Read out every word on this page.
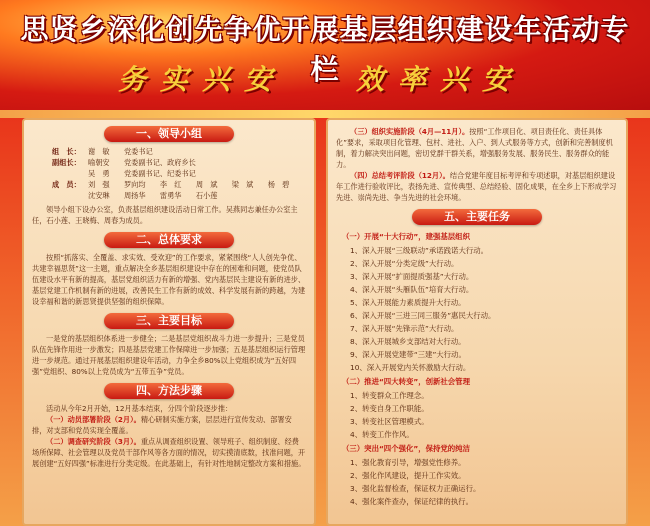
思贤乡深化创先争优开展基层组织建设年活动专栏
务实兴安 效率兴安
一、领导小组
组　长：	谢　敏　　党委书记
副组长：	喻朝安　　党委副书记、政府乡长
吴　勇　　党委副书记、纪委书记
成　员：	刘　强　　罗向均　　李　红　　周　斌　　梁　斌　　杨　碧
沈安琳　　周扬华　　雷勇华　　石小莲

领导小组下设办公室，负责基层组织建设活动日常工作。吴燕同志兼任办公室主任，石小莲、王晓梅、周春为成员。

二、总体要求

按照“抓落实、全覆盖、求实效、受欢迎”的工作要求，紧紧围绕“人人创先争优、共建幸福思贤”这一主题，重点解决全乡基层组织建设中存在的困难和问题，使党员队伍建设水平有新的提高，基层党组织活力有新的增强、党内基层民主建设有新的进步、基层党建工作机制有新的进展，改善民生工作有新的成效、科学发展有新的跨越，为建设幸福和谐的新思贤提供坚强的组织保障。

三、主要目标

一是党的基层组织体系进一步健全；二是基层党组织战斗力进一步提升；三是党员队伍先锋作用进一步激发；四是基层党建工作保障进一步加强；五是基层组织运行管理进一步规范。通过开展基层组织建设年活动，力争全乡80%以上党组织成为“五好四强”党组织、80%以上党员成为“五带五争”党员。

四、方法步骤

活动从今年2月开始，12月基本结束，分四个阶段逐步推：

（一）动员部署阶段（2月）。精心研制实施方案，层层进行宣传发动、部署安排，对支部和党员实现全覆盖。

（二）调查研究阶段（3月）。重点从调查组织设置、领导班子、组织制度、经费场所保障、社会管理以及党员干部作风等各方面的情况，切实摸清底数，找准问题，开展创建“五好四强”标准进行分类定级。在此基础上，有针对性地制定整改方案和措施。

（三）组织实施阶段（4月—11月）。按照“工作项目化、项目责任化、责任具体化”要求，采取项目化管理、包村、进社、入户、到人式服务等方式，创新和完善制度机制，着力解决突出问题，密切党群干群关系，增强服务发展、服务民生、服务群众的能力。

（四）总结考评阶段（12月）。结合党建年度目标考评和专项述职，对基层组织建设年工作进行验收评比，表扬先进、宣传典型、总结经验、固化成果，在全乡上下形成学习先进、崇尚先进、争当先进的社会环境。

五、主要任务
（一）开展“十大行动”，建强基层组织
1、深入开展“三级联动”承诺践诺大行动。
2、深入开展“分类定级”大行动。
3、深入开展“扩面提质强基”大行动。
4、深入开展“头雁队伍”培育大行动。
5、深入开展能力素质提升大行动。
6、深入开展“三进三同三服务”惠民大行动。
7、深入开展“先锋示范”大行动。
8、深入开展城乡支部结对大行动。
9、深入开展党建带“三建”大行动。
10、深入开展党内关怀激励大行动。
（二）推进“四大转变”，创新社会管理
1、转变群众工作理念。
2、转变自身工作职能。
3、转变社区管理模式。
4、转变工作作风。
（三）突出“四个强化”，保持党的纯洁
1、强化教育引导，增强党性修养。
2、强化作风建设，提升工作实效。
3、强化监督检查，保证权力正确运行。
4、强化案件查办，保证纪律的执行。
